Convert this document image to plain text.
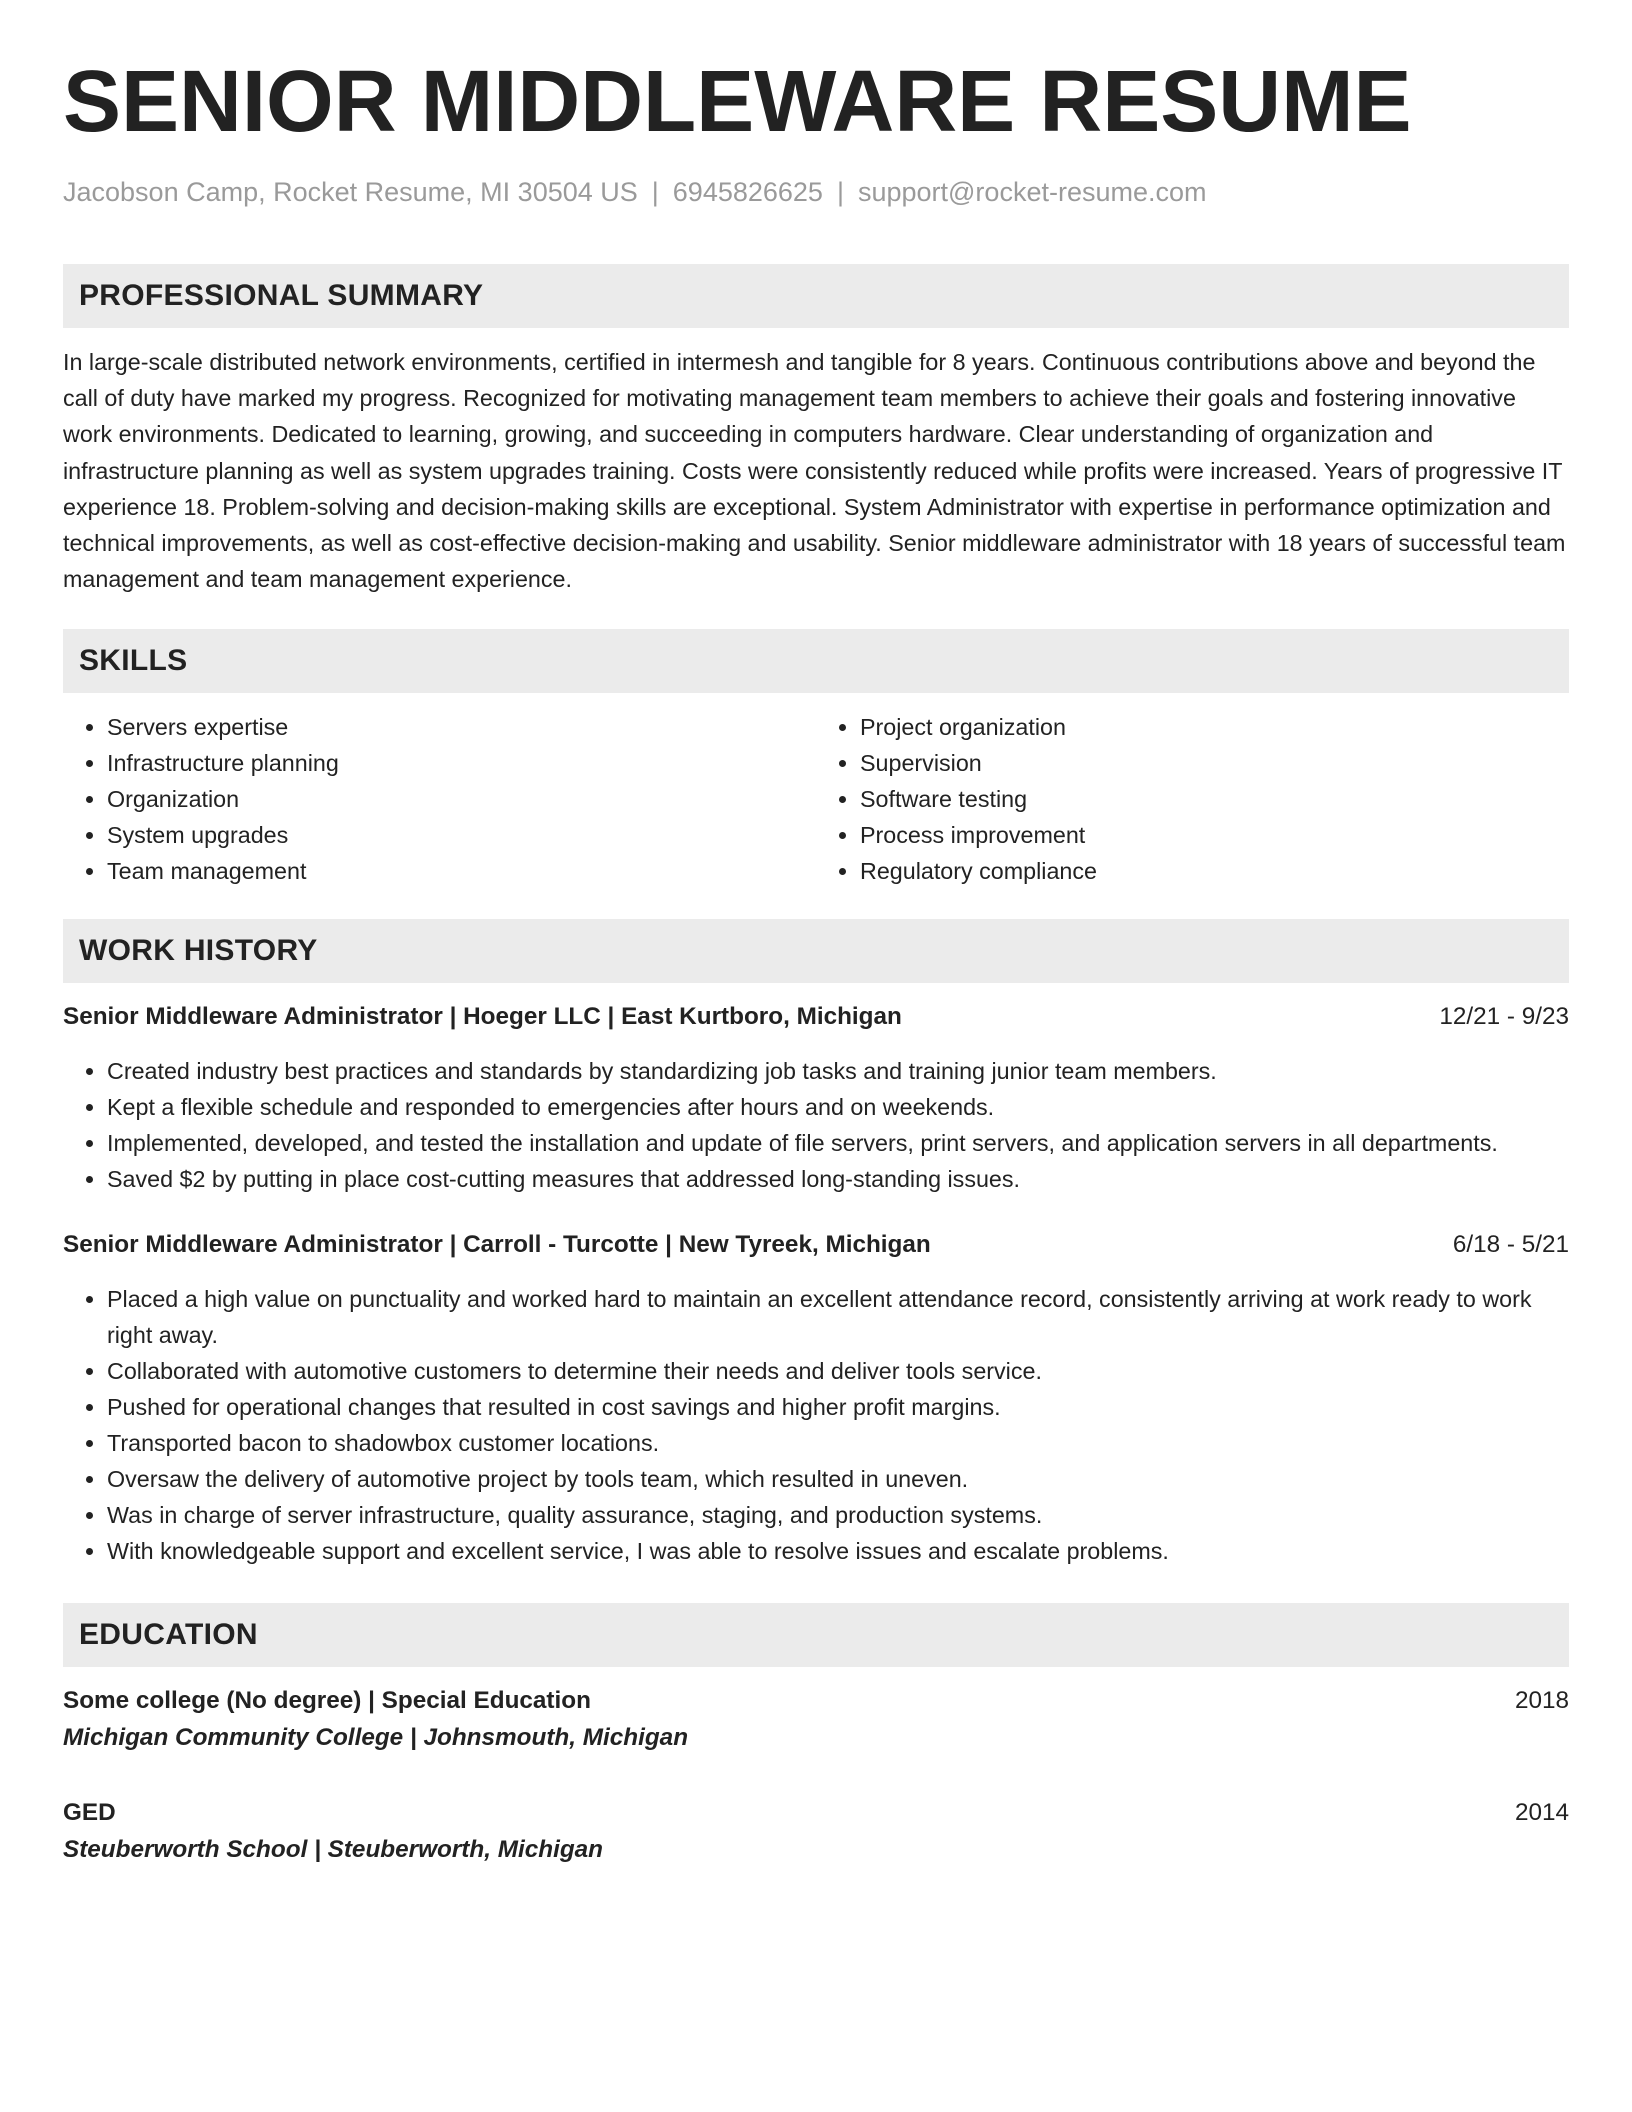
SENIOR MIDDLEWARE RESUME
Jacobson Camp, Rocket Resume, MI 30504 US | 6945826625 | support@rocket-resume.com
PROFESSIONAL SUMMARY

In large-scale distributed network environments, certified in intermesh and tangible for 8 years. Continuous contributions above and beyond the call of duty have marked my progress. Recognized for motivating management team members to achieve their goals and fostering innovative work environments. Dedicated to learning, growing, and succeeding in computers hardware. Clear understanding of organization and infrastructure planning as well as system upgrades training. Costs were consistently reduced while profits were increased. Years of progressive IT experience 18. Problem-solving and decision-making skills are exceptional. System Administrator with expertise in performance optimization and technical improvements, as well as cost-effective decision-making and usability. Senior middleware administrator with 18 years of successful team management and team management experience.

SKILLS
• Servers expertise
• Infrastructure planning
• Organization
• System upgrades
• Team management
• Project organization
• Supervision
• Software testing
• Process improvement
• Regulatory compliance
WORK HISTORY
Senior Middleware Administrator | Hoeger LLC | East Kurtboro, Michigan	12/21 - 9/23
• Created industry best practices and standards by standardizing job tasks and training junior team members.
• Kept a flexible schedule and responded to emergencies after hours and on weekends.
• Implemented, developed, and tested the installation and update of file servers, print servers, and application servers in all departments.
• Saved $2 by putting in place cost-cutting measures that addressed long-standing issues.
Senior Middleware Administrator | Carroll - Turcotte | New Tyreek, Michigan	6/18 - 5/21
• Placed a high value on punctuality and worked hard to maintain an excellent attendance record, consistently arriving at work ready to work right away.
• Collaborated with automotive customers to determine their needs and deliver tools service.
• Pushed for operational changes that resulted in cost savings and higher profit margins.
• Transported bacon to shadowbox customer locations.
• Oversaw the delivery of automotive project by tools team, which resulted in uneven.
• Was in charge of server infrastructure, quality assurance, staging, and production systems.
• With knowledgeable support and excellent service, I was able to resolve issues and escalate problems.
EDUCATION
Some college (No degree) | Special Education	2018
Michigan Community College | Johnsmouth, Michigan
GED	2014
Steuberworth School | Steuberworth, Michigan
